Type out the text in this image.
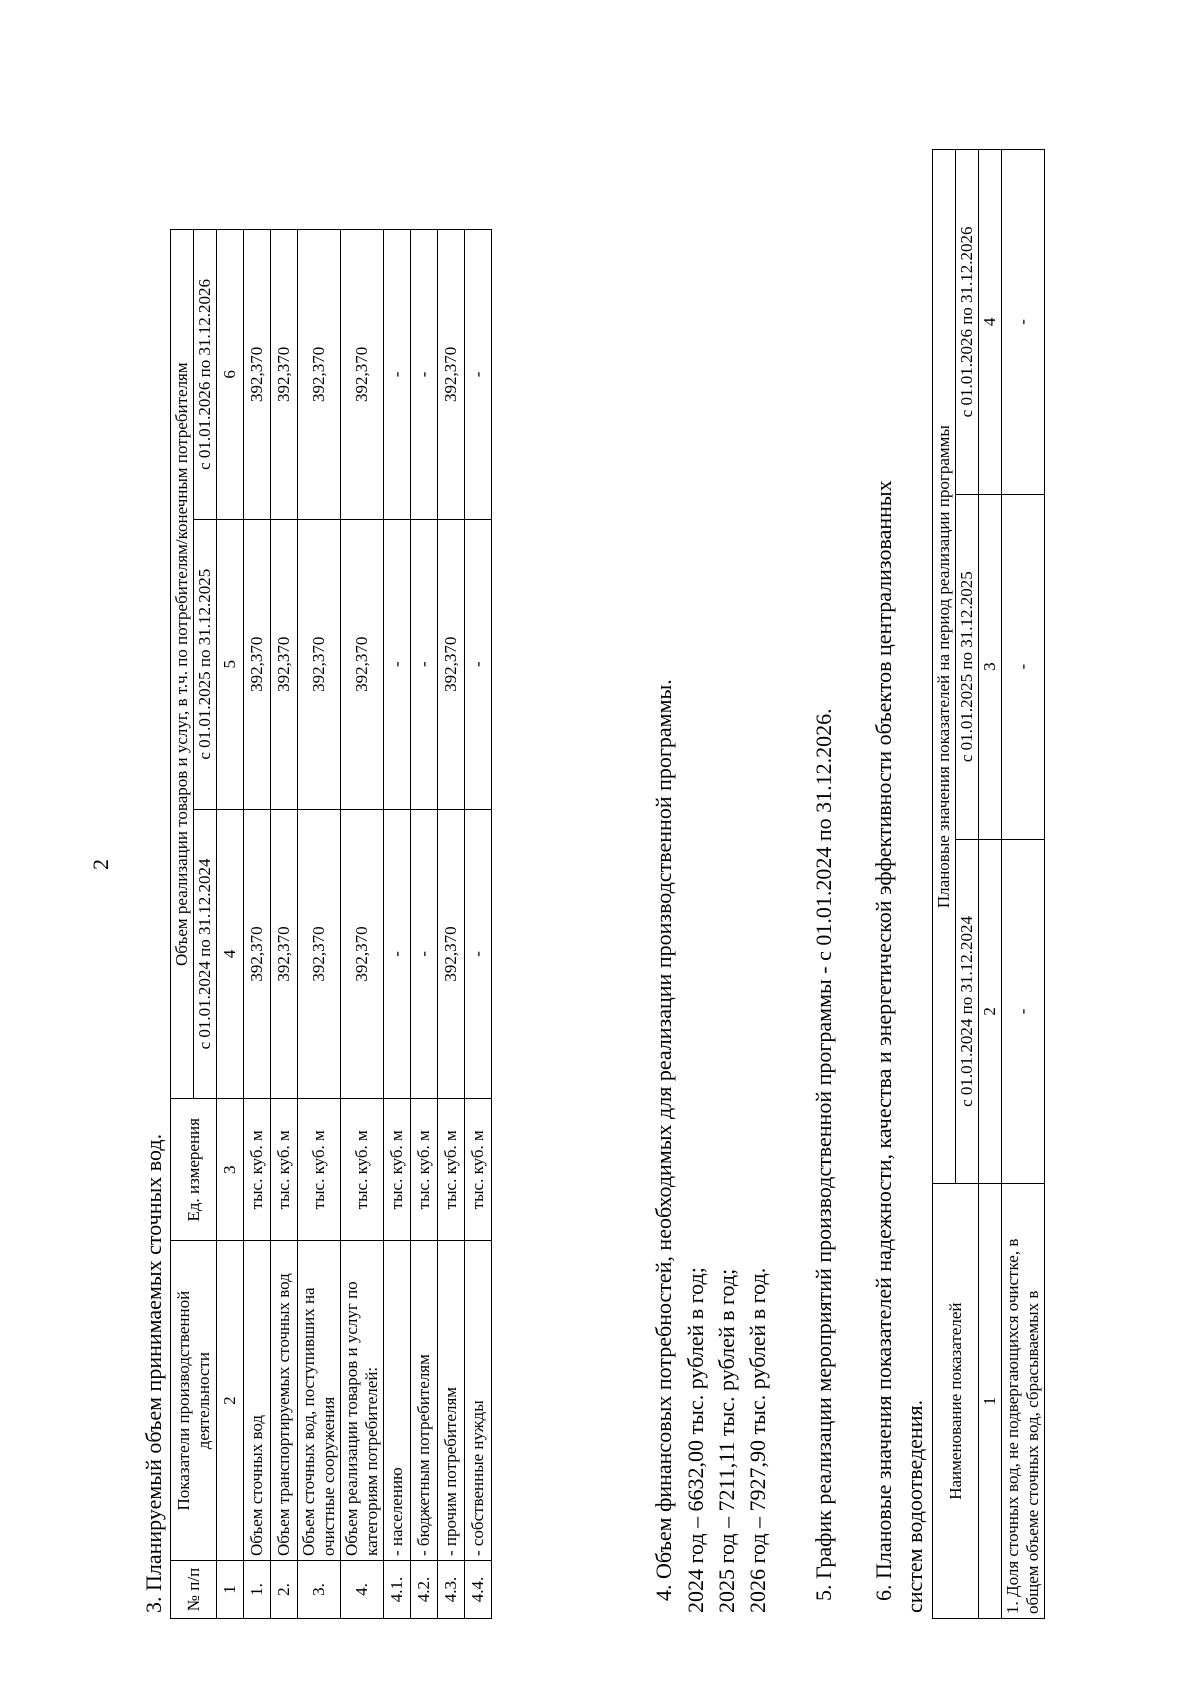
2
3. Планируемый объем принимаемых сточных вод. № п/п	Показатели производственной деятельности	Ед. измерения	Объем реализации товаров и услуг, в т.ч. по потребителям/конечным потребителям		
			с 01.01.2024 по 31.12.2024	с 01.01.2025 по 31.12.2025	с 01.01.2026 по 31.12.2026
1	2	3	4	5	6
1.	Объем сточных вод	тыс. куб. м	392,370	392,370	392,370
2.	Объем транспортируемых сточных вод	тыс. куб. м	392,370	392,370	392,370
3.	Объем сточных вод, поступивших на очистные сооружения	тыс. куб. м	392,370	392,370	392,370
4.	Объем реализации товаров и услуг по категориям потребителей:	тыс. куб. м	392,370	392,370	392,370
4.1.	- населению	тыс. куб. м	-	-	-
4.2.	- бюджетным потребителям	тыс. куб. м	-	-	-
4.3.	- прочим потребителям	тыс. куб. м	392,370	392,370	392,370
4.4.	- собственные нужды	тыс. куб. м	-	-	-
4. Объем финансовых потребностей, необходимых для реализации производственной программы. 2024 год – 6632,00 тыс. рублей в год; 2025 год – 7211,11 тыс. рублей в год; 2026 год – 7927,90 тыс. рублей в год. 5. График реализации мероприятий производственной программы - с 01.01.2024 по 31.12.2026. 6. Плановые значения показателей надежности, качества и энергетической эффективности объектов централизованных систем водоотведения. Наименование показателей	Плановые значения показателей на период реализации программы		
	с 01.01.2024 по 31.12.2024	с 01.01.2025 по 31.12.2025	с 01.01.2026 по 31.12.2026
1	2	3	4
1. Доля сточных вод, не подвергающихся очистке, в общем объеме сточных вод, сбрасываемых в	-	-	-
